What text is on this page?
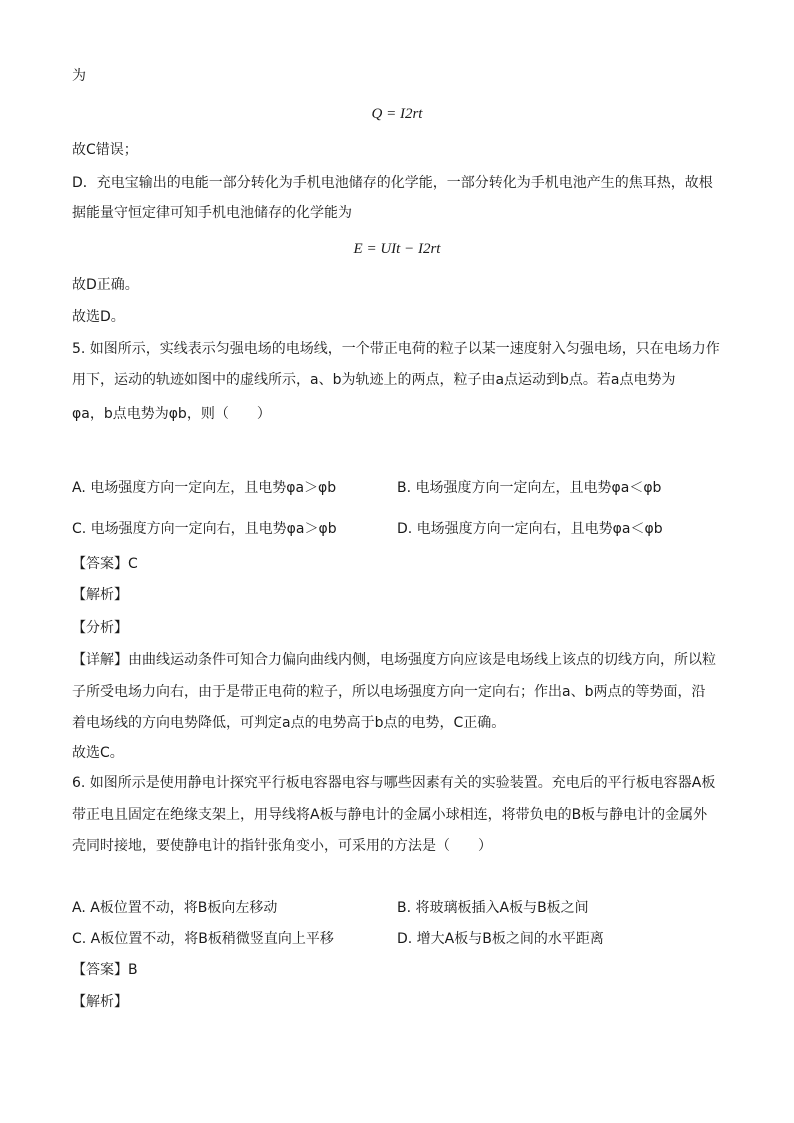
为
Q = I2rt
故C错误；
D．充电宝输出的电能一部分转化为手机电池储存的化学能，一部分转化为手机电池产生的焦耳热，故根
据能量守恒定律可知手机电池储存的化学能为
E = UIt − I2rt
故D正确。
故选D。
5. 如图所示，实线表示匀强电场的电场线，一个带正电荷的粒子以某一速度射入匀强电场，只在电场力作
用下，运动的轨迹如图中的虚线所示，a、b为轨迹上的两点，粒子由a点运动到b点。若a点电势为
φa，b点电势为φb，则（　　）
A. 电场强度方向一定向左，且电势φa＞φb	B. 电场强度方向一定向左，且电势φa＜φb
C. 电场强度方向一定向右，且电势φa＞φb	D. 电场强度方向一定向右，且电势φa＜φb
【答案】C
【解析】
【分析】
【详解】由曲线运动条件可知合力偏向曲线内侧，电场强度方向应该是电场线上该点的切线方向，所以粒
子所受电场力向右，由于是带正电荷的粒子，所以电场强度方向一定向右；作出a、b两点的等势面，沿
着电场线的方向电势降低，可判定a点的电势高于b点的电势，C正确。
故选C。
6. 如图所示是使用静电计探究平行板电容器电容与哪些因素有关的实验装置。充电后的平行板电容器A板
带正电且固定在绝缘支架上，用导线将A板与静电计的金属小球相连，将带负电的B板与静电计的金属外
壳同时接地，要使静电计的指针张角变小，可采用的方法是（　　）
A. A板位置不动，将B板向左移动	B. 将玻璃板插入A板与B板之间
C. A板位置不动，将B板稍微竖直向上平移	D. 增大A板与B板之间的水平距离
【答案】B
【解析】
